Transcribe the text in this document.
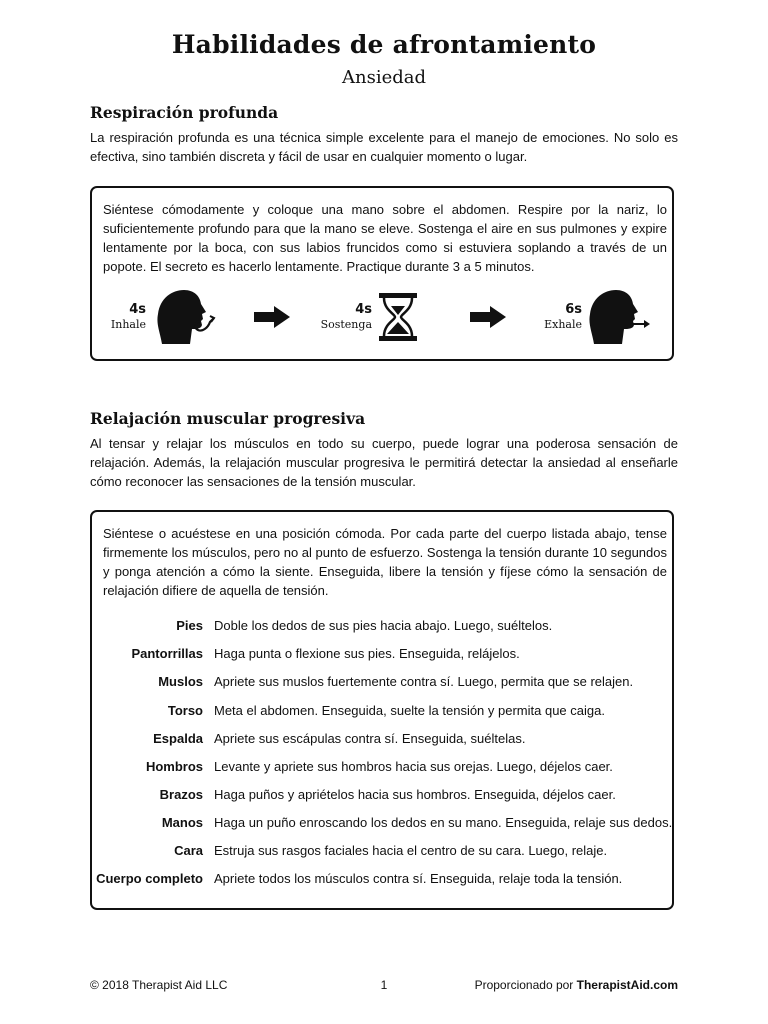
Habilidades de afrontamiento
Ansiedad
Respiración profunda
La respiración profunda es una técnica simple excelente para el manejo de emociones. No solo es efectiva, sino también discreta y fácil de usar en cualquier momento o lugar.
Siéntese cómodamente y coloque una mano sobre el abdomen. Respire por la nariz, lo suficientemente profundo para que la mano se eleve. Sostenga el aire en sus pulmones y expire lentamente por la boca, con sus labios fruncidos como si estuviera soplando a través de un popote. El secreto es hacerlo lentamente. Practique durante 3 a 5 minutos.
4s
Inhale
4s
Sostenga
6s
Exhale
Relajación muscular progresiva
Al tensar y relajar los músculos en todo su cuerpo, puede lograr una poderosa sensación de relajación. Además, la relajación muscular progresiva le permitirá detectar la ansiedad al enseñarle cómo reconocer las sensaciones de la tensión muscular.
Siéntese o acuéstese en una posición cómoda. Por cada parte del cuerpo listada abajo, tense firmemente los músculos, pero no al punto de esfuerzo. Sostenga la tensión durante 10 segundos y ponga atención a cómo la siente. Enseguida, libere la tensión y fíjese cómo la sensación de relajación difiere de aquella de tensión.
Pies Doble los dedos de sus pies hacia abajo. Luego, suéltelos.
Pantorrillas Haga punta o flexione sus pies. Enseguida, relájelos.
Muslos Apriete sus muslos fuertemente contra sí. Luego, permita que se relajen.
Torso Meta el abdomen. Enseguida, suelte la tensión y permita que caiga.
Espalda Apriete sus escápulas contra sí. Enseguida, suéltelas.
Hombros Levante y apriete sus hombros hacia sus orejas. Luego, déjelos caer.
Brazos Haga puños y apriételos hacia sus hombros. Enseguida, déjelos caer.
Manos Haga un puño enroscando los dedos en su mano. Enseguida, relaje sus dedos.
Cara Estruja sus rasgos faciales hacia el centro de su cara. Luego, relaje.
Cuerpo completo Apriete todos los músculos contra sí. Enseguida, relaje toda la tensión.
© 2018 Therapist Aid LLC	1	Proporcionado por TherapistAid.com
